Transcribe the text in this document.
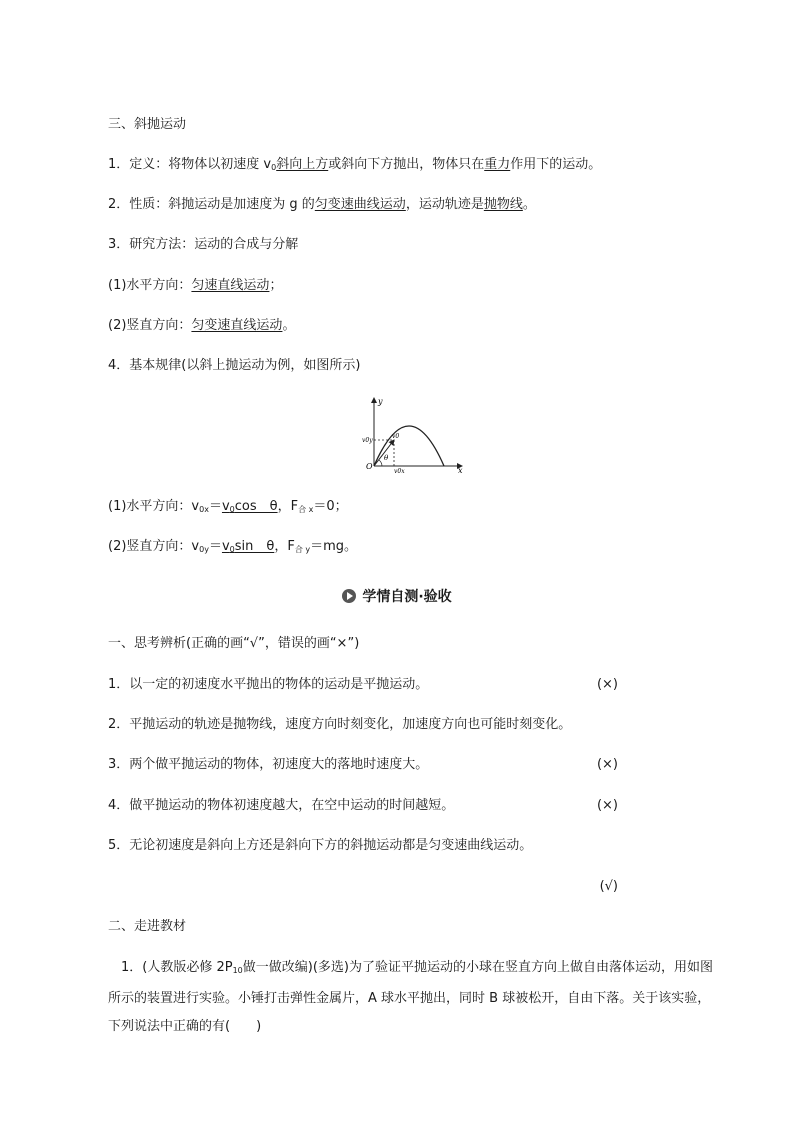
三、斜抛运动
1．定义：将物体以初速度 $v_0$斜向上方或斜向下方抛出，物体只在重力作用下的运动。
2．性质：斜抛运动是加速度为 g 的匀变速曲线运动，运动轨迹是抛物线。
3．研究方法：运动的合成与分解
(1)水平方向：匀速直线运动；
(2)竖直方向：匀变速直线运动。
4．基本规律(以斜上抛运动为例，如图所示)
y
x
O
v0
v0y
v0x
θ
(1)水平方向：$v_{0x}=v_0\cos$　θ，$F_{合 x}=0$；
(2)竖直方向：$v_{0y}=v_0\sin$　θ，$F_{合 y}=mg$。
学情自测·验收
一、思考辨析(正确的画“√”，错误的画“×”)
1．以一定的初速度水平抛出的物体的运动是平抛运动。	(×)
2．平抛运动的轨迹是抛物线，速度方向时刻变化，加速度方向也可能时刻变化。
3．两个做平抛运动的物体，初速度大的落地时速度大。	(×)
4．做平抛运动的物体初速度越大，在空中运动的时间越短。	(×)
5．无论初速度是斜向上方还是斜向下方的斜抛运动都是匀变速曲线运动。
(√)
二、走进教材
　1．(人教版必修 $2P_{10}$做一做改编)(多选)为了验证平抛运动的小球在竖直方向上做自由落体运动，用如图所示的装置进行实验。小锤打击弹性金属片，A 球水平抛出，同时 B 球被松开，自由下落。关于该实验，下列说法中正确的有(　　)
